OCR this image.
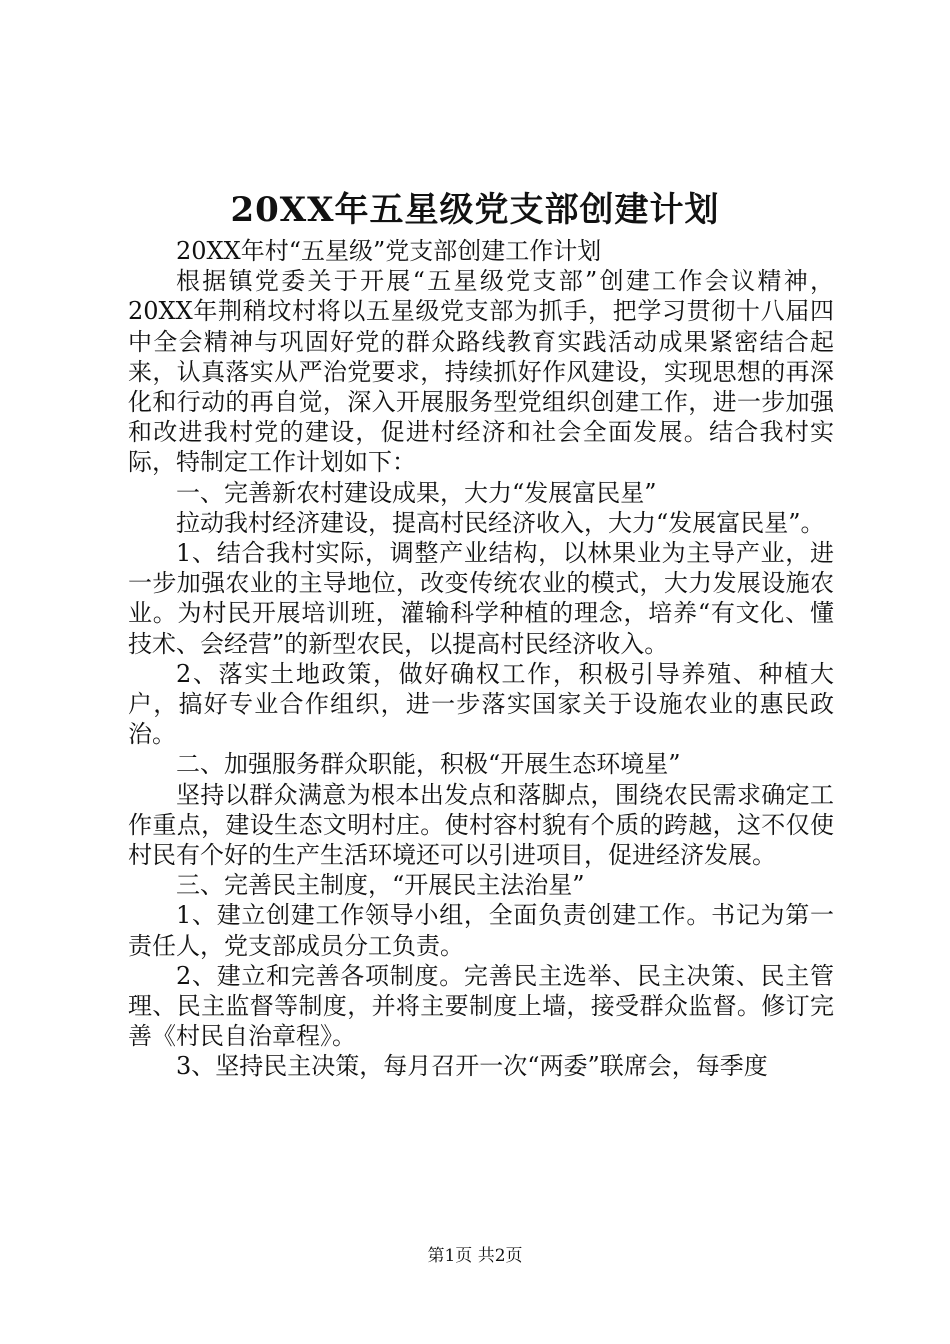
20XX年五星级党支部创建计划

20XX年村“五星级”党支部创建工作计划

根据镇党委关于开展“五星级党支部”创建工作会议精神，20XX年荆稍坟村将以五星级党支部为抓手，把学习贯彻十八届四中全会精神与巩固好党的群众路线教育实践活动成果紧密结合起来，认真落实从严治党要求，持续抓好作风建设，实现思想的再深化和行动的再自觉，深入开展服务型党组织创建工作，进一步加强和改进我村党的建设，促进村经济和社会全面发展。结合我村实际，特制定工作计划如下：

一、完善新农村建设成果，大力“发展富民星”

拉动我村经济建设，提高村民经济收入，大力“发展富民星”。

1、结合我村实际，调整产业结构，以林果业为主导产业，进一步加强农业的主导地位，改变传统农业的模式，大力发展设施农业。为村民开展培训班，灌输科学种植的理念，培养“有文化、懂技术、会经营”的新型农民，以提高村民经济收入。

2、落实土地政策，做好确权工作，积极引导养殖、种植大户，搞好专业合作组织，进一步落实国家关于设施农业的惠民政治。

二、加强服务群众职能，积极“开展生态环境星”

坚持以群众满意为根本出发点和落脚点，围绕农民需求确定工作重点，建设生态文明村庄。使村容村貌有个质的跨越，这不仅使村民有个好的生产生活环境还可以引进项目，促进经济发展。

三、完善民主制度，“开展民主法治星”

1、建立创建工作领导小组，全面负责创建工作。书记为第一责任人，党支部成员分工负责。

2、建立和完善各项制度。完善民主选举、民主决策、民主管理、民主监督等制度，并将主要制度上墙，接受群众监督。修订完善《村民自治章程》。

3、坚持民主决策，每月召开一次“两委”联席会，每季度

第1页 共2页
